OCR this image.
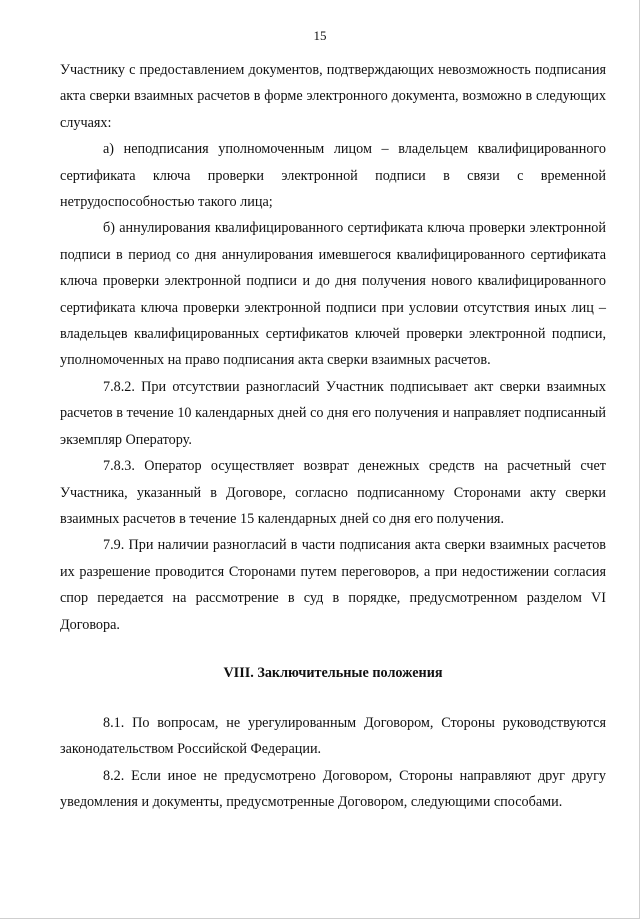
15

Участнику с предоставлением документов, подтверждающих невозможность подписания акта сверки взаимных расчетов в форме электронного документа, возможно в следующих случаях:

а) неподписания уполномоченным лицом – владельцем квалифицированного сертификата ключа проверки электронной подписи в связи с временной нетрудоспособностью такого лица;

б) аннулирования квалифицированного сертификата ключа проверки электронной подписи в период со дня аннулирования имевшегося квалифицированного сертификата ключа проверки электронной подписи и до дня получения нового квалифицированного сертификата ключа проверки электронной подписи при условии отсутствия иных лиц – владельцев квалифицированных сертификатов ключей проверки электронной подписи, уполномоченных на право подписания акта сверки взаимных расчетов.

7.8.2. При отсутствии разногласий Участник подписывает акт сверки взаимных расчетов в течение 10 календарных дней со дня его получения и направляет подписанный экземпляр Оператору.

7.8.3. Оператор осуществляет возврат денежных средств на расчетный счет Участника, указанный в Договоре, согласно подписанному Сторонами акту сверки взаимных расчетов в течение 15 календарных дней со дня его получения.

7.9. При наличии разногласий в части подписания акта сверки взаимных расчетов их разрешение проводится Сторонами путем переговоров, а при недостижении согласия спор передается на рассмотрение в суд в порядке, предусмотренном разделом VI Договора.

VIII. Заключительные положения

8.1. По вопросам, не урегулированным Договором, Стороны руководствуются законодательством Российской Федерации.

8.2. Если иное не предусмотрено Договором, Стороны направляют друг другу уведомления и документы, предусмотренные Договором, следующими способами.
